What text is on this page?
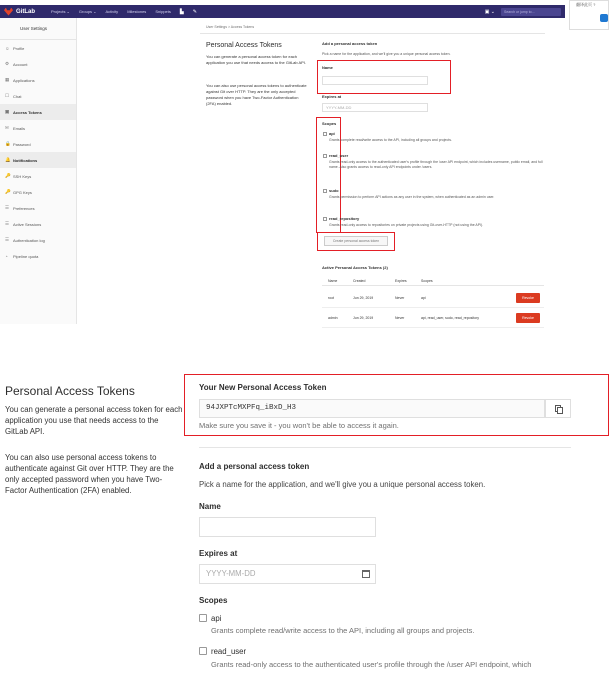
GitLab	Projects ⌄ Groups ⌄ Activity Milestones Snippets ▙ ✎	▣ ⌄	Search or jump to...
翻译此页 ?
User Settings
☺ Profile
⚙ Account
▦ Applications
☐ Chat
▣ Access Tokens
✉	Emails
🔒 Password
🔔 Notifications
🔑 SSH Keys
🔑 GPG Keys
☰ Preferences
☰ Active Sessions
☰ Authentication log
◔	Pipeline quota
User Settings > Access Tokens
Personal Access Tokens
You can generate a personal access token for each application you use that needs access to the GitLab API.
You can also use personal access tokens to authenticate against Git over HTTP. They are the only accepted password when you have Two-Factor Authentication (2FA) enabled.
Add a personal access token
Pick a name for the application, and we'll give you a unique personal access token.
Name
Expires at
YYYY-MM-DD
Scopes
api
Grants complete read/write access to the API, including all groups and projects.
read_user
Grants read-only access to the authenticated user's profile through the /user API endpoint, which includes username, public email, and full name. Also grants access to read-only API endpoints under /users.
sudo
Grants permission to perform API actions as any user in the system, when authenticated as an admin user.
read_repository
Grants read-only access to repositories on private projects using Git-over-HTTP (not using the API).
Create personal access token
Active Personal Access Tokens (2)
Name	Created	Expires	Scopes
root	Jun 29, 2019	Never	api	Revoke
admin	Jun 29, 2019	Never	api, read_user, sudo, read_repository	Revoke
Personal Access Tokens
You can generate a personal access token for each application you use that needs access to the GitLab API.
You can also use personal access tokens to authenticate against Git over HTTP. They are the only accepted password when you have Two-Factor Authentication (2FA) enabled.
Your New Personal Access Token
94JXPTcMXPFq_iBxD_H3
Make sure you save it - you won't be able to access it again.
Add a personal access token
Pick a name for the application, and we'll give you a unique personal access token.
Name
Expires at
YYYY-MM-DD
Scopes
api
Grants complete read/write access to the API, including all groups and projects.
read_user
Grants read-only access to the authenticated user's profile through the /user API endpoint, which
